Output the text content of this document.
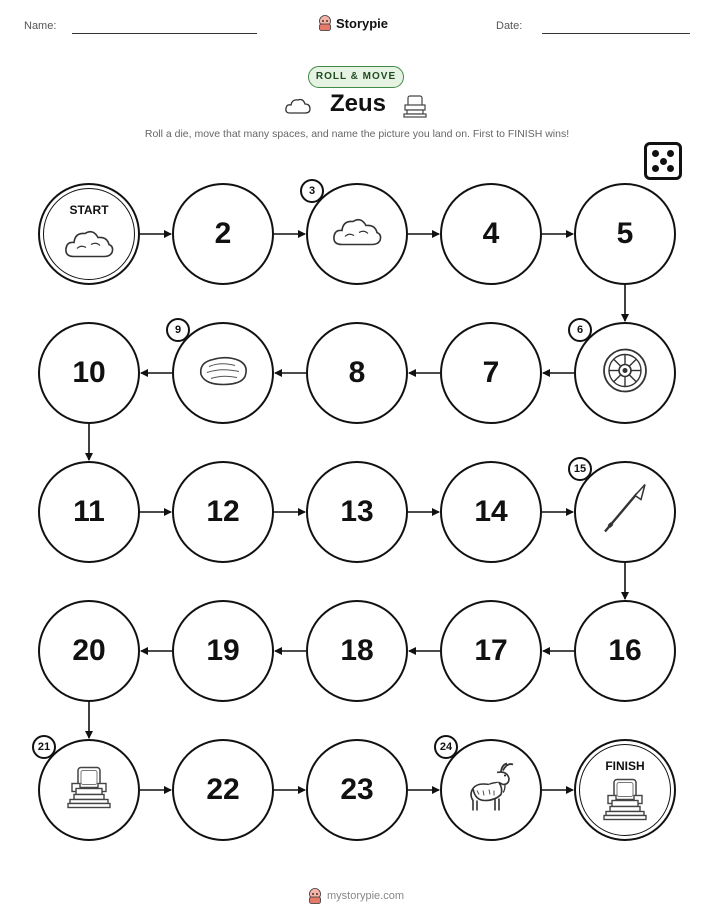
Name:	Storypie	Date:
ROLL & MOVE
Zeus
Roll a die, move that many spaces, and name the picture you land on. First to FINISH wins!
FINISH
23
22
20	19	18	17	16
14
13
12
11
10	8	7
5
4
2
START
3
6
9
15
21	24
mystorypie.com
